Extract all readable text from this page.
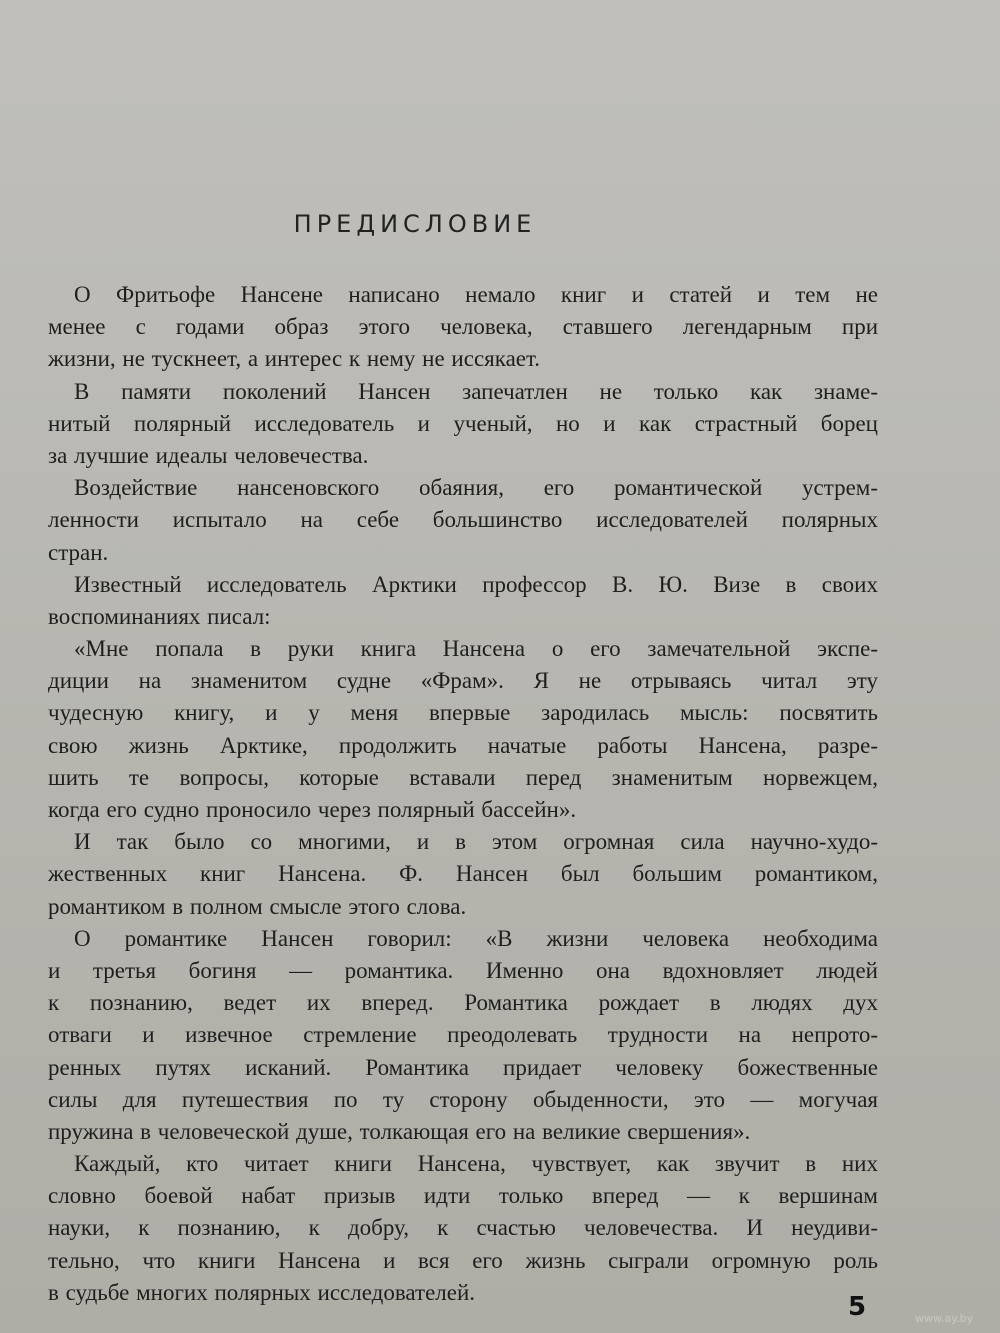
ПРЕДИСЛОВИЕ
О Фритьофе Нансене написано немало книг и статей и тем не
менее с годами образ этого человека, ставшего легендарным при
жизни, не тускнеет, а интерес к нему не иссякает.
В памяти поколений Нансен запечатлен не только как знаме-
нитый полярный исследователь и ученый, но и как страстный борец
за лучшие идеалы человечества.
Воздействие нансеновского обаяния, его романтической устрем-
ленности испытало на себе большинство исследователей полярных
стран.
Известный исследователь Арктики профессор В. Ю. Визе в своих
воспоминаниях писал:
«Мне попала в руки книга Нансена о его замечательной экспе-
диции на знаменитом судне «Фрам». Я не отрываясь читал эту
чудесную книгу, и у меня впервые зародилась мысль: посвятить
свою жизнь Арктике, продолжить начатые работы Нансена, разре-
шить те вопросы, которые вставали перед знаменитым норвежцем,
когда его судно проносило через полярный бассейн».
И так было со многими, и в этом огромная сила научно-худо-
жественных книг Нансена. Ф. Нансен был большим романтиком,
романтиком в полном смысле этого слова.
О романтике Нансен говорил: «В жизни человека необходима
и третья богиня — романтика. Именно она вдохновляет людей
к познанию, ведет их вперед. Романтика рождает в людях дух
отваги и извечное стремление преодолевать трудности на непрото-
ренных путях исканий. Романтика придает человеку божественные
силы для путешествия по ту сторону обыденности, это — могучая
пружина в человеческой душе, толкающая его на великие свершения».
Каждый, кто читает книги Нансена, чувствует, как звучит в них
словно боевой набат призыв идти только вперед — к вершинам
науки, к познанию, к добру, к счастью человечества. И неудиви-
тельно, что книги Нансена и вся его жизнь сыграли огромную роль
в судьбе многих полярных исследователей.	5	www.ay.by
